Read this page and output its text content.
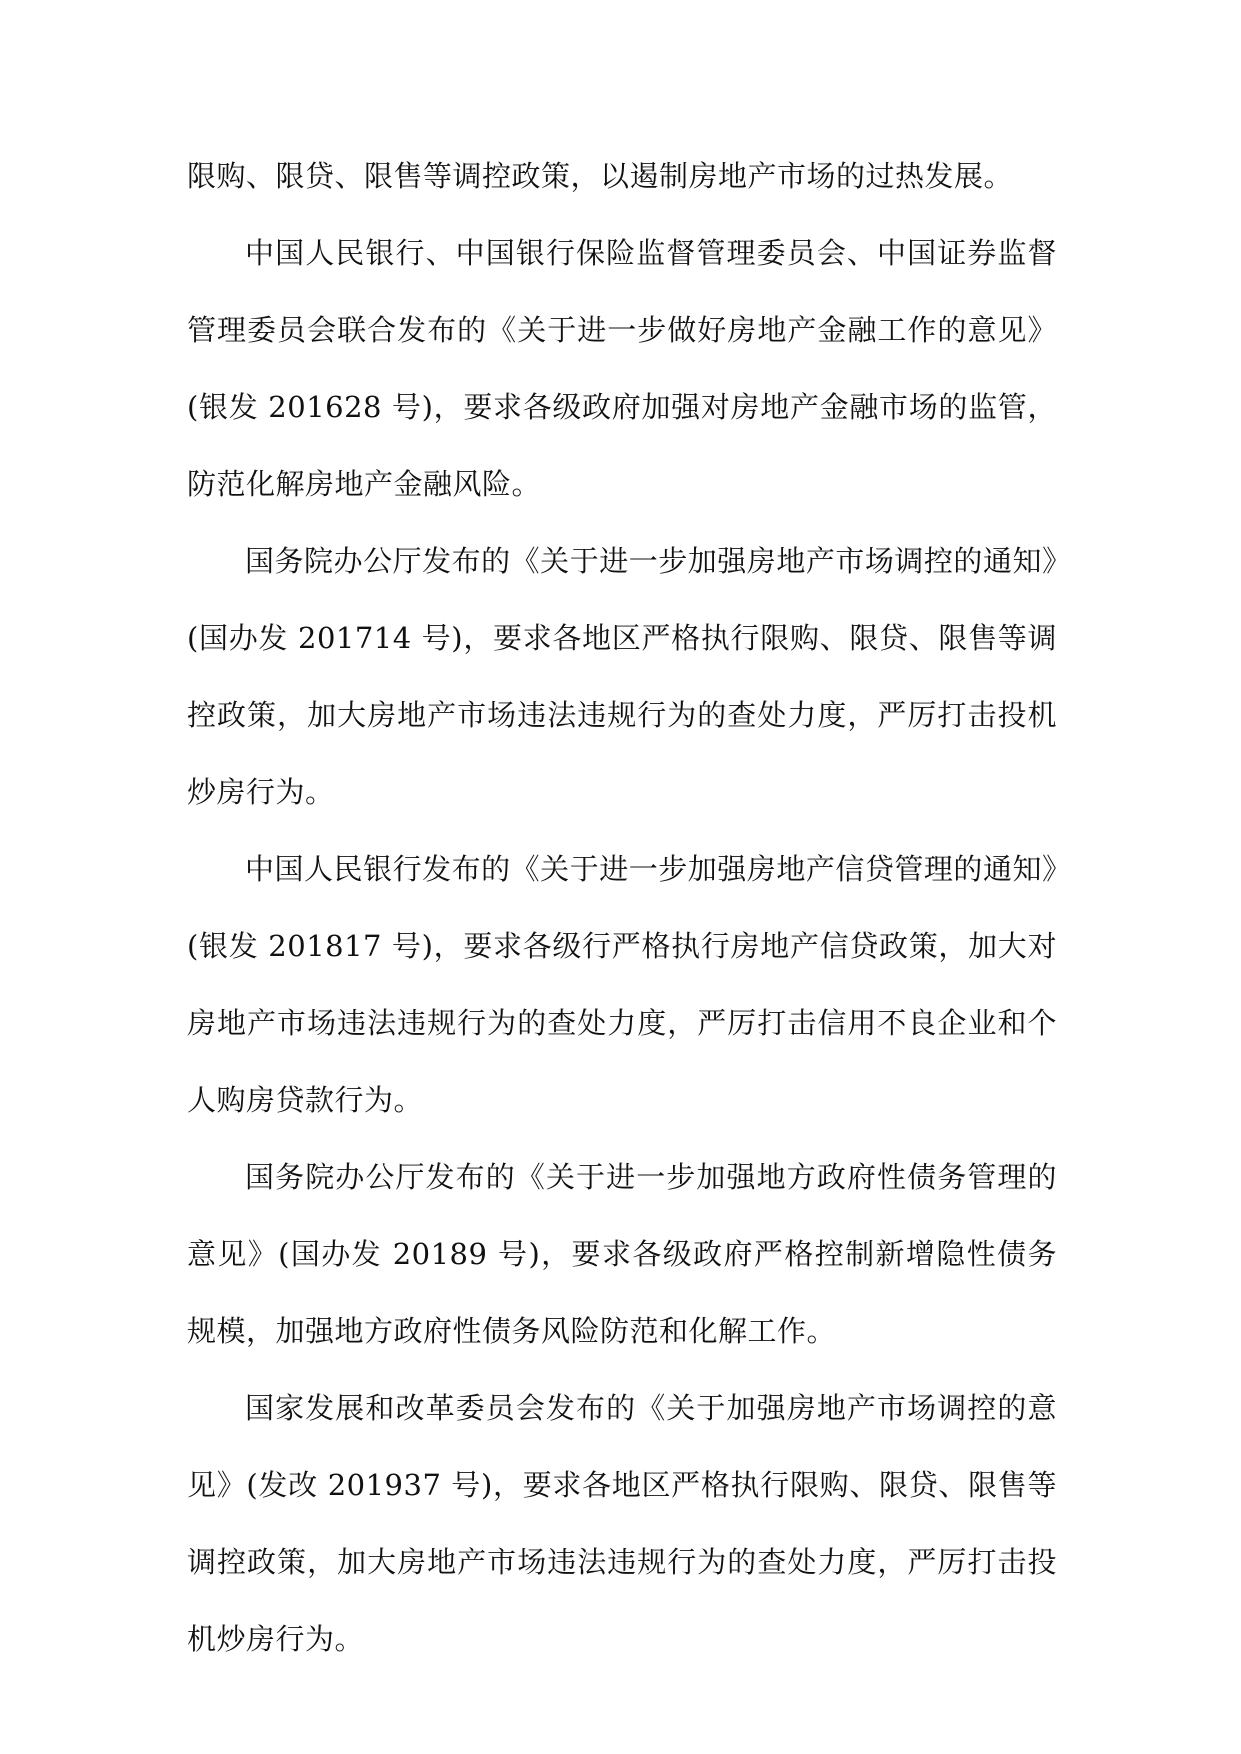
限购、限贷、限售等调控政策，以遏制房地产市场的过热发展。

中国人民银行、中国银行保险监督管理委员会、中国证券监督管理委员会联合发布的《关于进一步做好房地产金融工作的意见》(银发 201628 号)，要求各级政府加强对房地产金融市场的监管，防范化解房地产金融风险。

国务院办公厅发布的《关于进一步加强房地产市场调控的通知》(国办发 201714 号)，要求各地区严格执行限购、限贷、限售等调控政策，加大房地产市场违法违规行为的查处力度，严厉打击投机炒房行为。

中国人民银行发布的《关于进一步加强房地产信贷管理的通知》(银发 201817 号)，要求各级行严格执行房地产信贷政策，加大对房地产市场违法违规行为的查处力度，严厉打击信用不良企业和个人购房贷款行为。

国务院办公厅发布的《关于进一步加强地方政府性债务管理的意见》(国办发 20189 号)，要求各级政府严格控制新增隐性债务规模，加强地方政府性债务风险防范和化解工作。

国家发展和改革委员会发布的《关于加强房地产市场调控的意见》(发改 201937 号)，要求各地区严格执行限购、限贷、限售等调控政策，加大房地产市场违法违规行为的查处力度，严厉打击投机炒房行为。
